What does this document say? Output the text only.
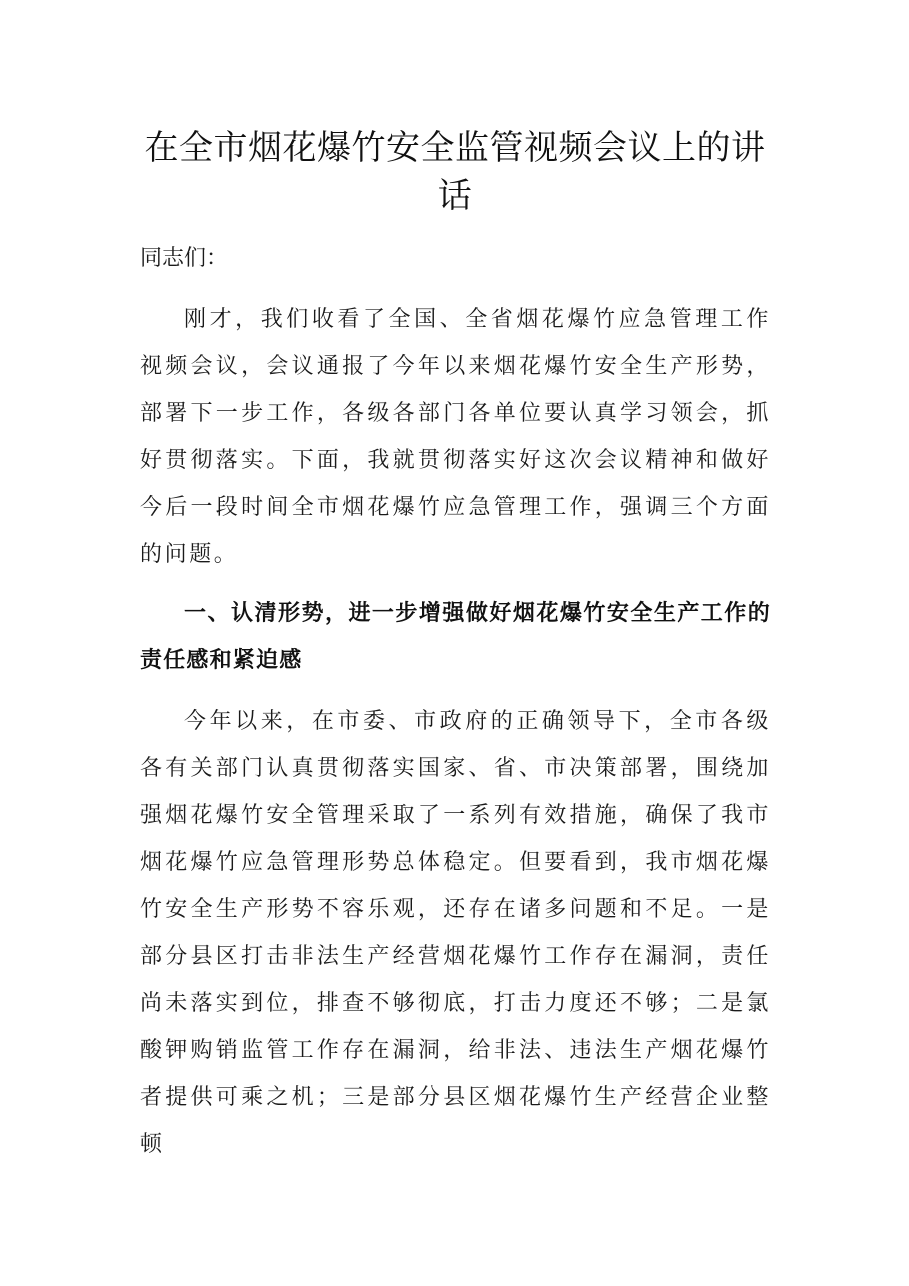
在全市烟花爆竹安全监管视频会议上的讲话

同志们：

刚才，我们收看了全国、全省烟花爆竹应急管理工作视频会议，会议通报了今年以来烟花爆竹安全生产形势，部署下一步工作，各级各部门各单位要认真学习领会，抓好贯彻落实。下面，我就贯彻落实好这次会议精神和做好今后一段时间全市烟花爆竹应急管理工作，强调三个方面的问题。

一、认清形势，进一步增强做好烟花爆竹安全生产工作的责任感和紧迫感

今年以来，在市委、市政府的正确领导下，全市各级各有关部门认真贯彻落实国家、省、市决策部署，围绕加强烟花爆竹安全管理采取了一系列有效措施，确保了我市烟花爆竹应急管理形势总体稳定。但要看到，我市烟花爆竹安全生产形势不容乐观，还存在诸多问题和不足。一是部分县区打击非法生产经营烟花爆竹工作存在漏洞，责任尚未落实到位，排查不够彻底，打击力度还不够；二是氯酸钾购销监管工作存在漏洞，给非法、违法生产烟花爆竹者提供可乘之机；三是部分县区烟花爆竹生产经营企业整顿
